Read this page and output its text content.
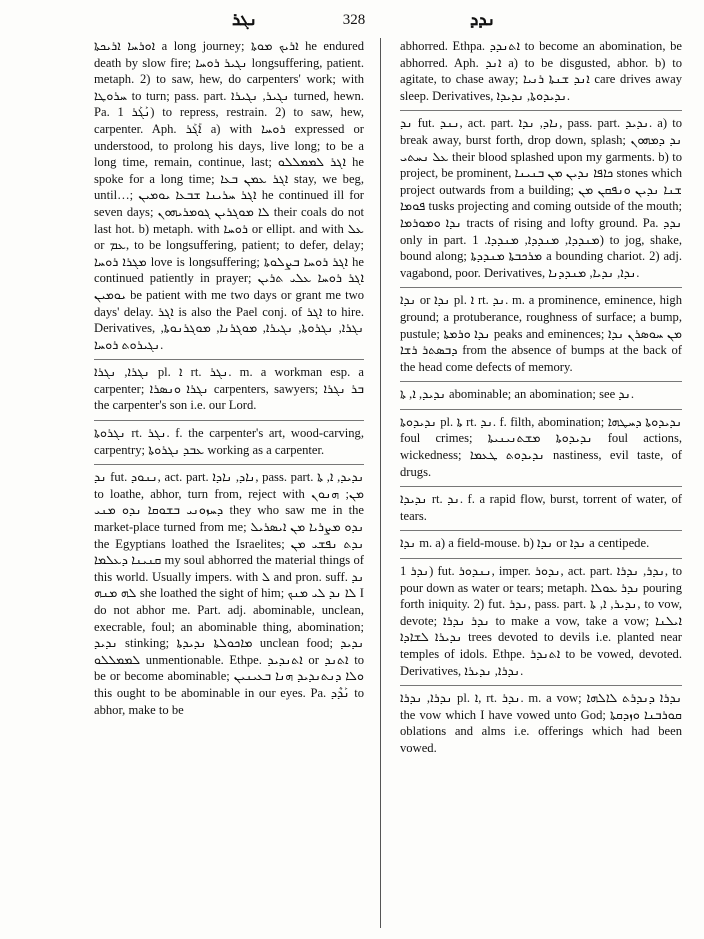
ܢܓܪ	328	ܢܕܕ

ܐܘܪܚܐ ܐܪܝܟܬܐ a long journey; ܐܪܝܟ ܡܘܬܐ he endured death by slow fire; ܢܓܝܪ ܪܘܚܐ longsuffering, patient. metaph. 2) to saw, hew, do carpenters' work; with ܚܪܘܛܐ to turn; pass. part. ܢܓܝܪ, ܢܓܝܪܐ turned, hewn. Pa. ܢܰܓܰܪ 1) to repress, restrain. 2) to saw, hew, carpenter. Aph. ܐܰܓܰܪ a) with ܪܘܚܐ expressed or understood, to prolong his days, live long; to be a long time, remain, continue, last; ܐܓܪ ܠܡܡܠܠܘ he spoke for a long time; ܐܓܪ ܥܡܢ ܒܥܐ stay, we beg, until…; ܐܓܪ ܚܪܝܢܐ ܫܒܥܐ ܝܘܡܝܢ he continued ill for seven days; ܠܐ ܡܘܓܪܝܢ ܓܘܡܪܝܗܘܢ their coals do not last hot. b) metaph. with ܪܘܚܐ or ellipt. and with ܥܠ or ܥܡ, to be longsuffering, patient; to defer, delay; ܡܓܪܐ ܪܘܚܐ love is longsuffering; ܐܓܪ ܪܘܚܐ ܒܨܠܘܬܐ he continued patiently in prayer; ܐܓܪ ܪܘܚܐ ܥܠܝ ܬܪܝܢ ܝܘܡܝܢ be patient with me two days or grant me two days' delay. ܐܓܪ is also the Pael conj. of ܐܓܪ to hire. Derivatives, ܢܓܪܐ, ܢܓܪܘܬܐ, ܢܓܝܪܐ, ܡܘܓܪܢܐ, ܡܘܓܪܢܘܬܐ, ܢܓܝܪܘܬ ܪܘܚܐ.

ܢܓܪܐ, ܢܓܪܐ pl. ܐ rt. ܢܓܪ. m. a workman esp. a carpenter; ܢܓܪܐ ܘܢܣܪܐ carpenters, sawyers; ܒܪ ܢܓܪܐ the carpenter's son i.e. our Lord.

ܢܓܪܘܬܐ rt. ܢܓܪ. f. the carpenter's art, wood-carving, carpentry; ܥܒܕ ܢܓܪܘܬܐ working as a carpenter.

ܢܕ fut. ܢܢܘܕ, act. part. ܢܐܕ, ܢܐܕܐ, pass. part. ܢܕܝܕ, ܐ, ܬܐ to loathe, abhor, turn from, reject with ܡܢ; ܗܢܘܢ ܕܚܙܘܢܝ ܒܫܘܩܐ ܢܕܘ ܡܢܝ they who saw me in the market-place turned from me; ܢܕܘ ܡܨܪܝܐ ܡܢ ܐܝܣܪܝܠ the Egyptians loathed the Israelites; ܢܕܬ ܢܦܫܝ ܡܢ ܩܢܝܢܐ ܕܥܠܡܐ my soul abhorred the material things of this world. Usually impers. with ܠ and pron. suff. ܢܕ ܠܗ ܡܢܗ she loathed the sight of him; ܠܐ ܢܕ ܠܝ ܡܢܟ I do not abhor me. Part. adj. abominable, unclean, execrable, foul; an abominable thing, abomination; ܢܕܝܕ stinking; ܡܐܟܘܠܬܐ ܢܕܝܕܬܐ unclean food; ܢܕܝܕ ܠܡܡܠܠܘ unmentionable. Ethpe. ܐܬܢܕܝܕ or ܐܬܢܕ to be or become abominable; ܘܠܐ ܕܢܬܢܕܝܕ ܗܢܐ ܒܥܝܢܝܢ this ought to be abominable in our eyes. Pa. ܢܰܕܶܕ to abhor, make to be

abhorred. Ethpa. ܐܬܢܕܕ to become an abomination, be abhorred. Aph. ܐܢܕ a) to be disgusted, abhor. b) to agitate, to chase away; ܐܢܕ ܫܢܬܐ ܪܢܝܐ care drives away sleep. Derivatives, ܢܕܝܕܘܬܐ, ܢܕܝܕܐ.

ܢܕ fut. ܢܢܕ, act. part. ܢܐܕ, ܢܕܐ, pass. part. ܢܕܝܕ. a) to break away, burst forth, drop down, splash; ܢܕ ܕܡܗܘܢ ܥܠ ܢܚܬܝ their blood splashed upon my garments. b) to project, be prominent, ܟܐܦܐ ܢܕܝܢ ܡܢ ܒܢܝܢܐ stones which project outwards from a building; ܫܢܐ ܢܕܝܢ ܘܢܦܩܢ ܡܢ ܦܘܡܐ tusks projecting and coming outside of the mouth; ܢܕܐ ܘܡܘܪܡܐ tracts of rising and lofty ground. Pa. ܢܕܕ only in part. ܡܢܕܕܐ, ܡܢܕܕܐ, ܡܢܕܕܐ. 1) to jog, shake, bound along; ܡܪܟܒܬܐ ܡܢܕܕܬܐ a bounding chariot. 2) adj. vagabond, poor. Derivatives, ܢܕܐ, ܢܕܝܐ, ܡܢܕܕܢܐ.

ܢܕܐ or ܢܕܐ pl. ܐ rt. ܢܕ. m. a prominence, eminence, high ground; a protuberance, roughness of surface; a bump, pustule; ܢܕܐ ܘܪܡܬܐ peaks and eminences; ܡܢ ܚܘܣܪܢ ܢܕܐ ܕܒܣܬܪ ܪܫܐ from the absence of bumps at the back of the head come defects of memory.

ܢܕܝܕ, ܐ, ܬܐ abominable; an abomination; see ܢܕ.

ܢܕܝܕܘܬܐ pl. ܬܐ rt. ܢܕ. f. filth, abomination; ܢܕܝܕܘܬܐ ܕܚܛܗܐ foul crimes; ܢܕܝܕܘܬܐ ܡܫܬܢܝܢܝܬܐ foul actions, wickedness; ܢܕܝܕܘܬ ܛܥܡܐ nastiness, evil taste, of drugs.

ܢܕܝܕܐ rt. ܢܕ. f. a rapid flow, burst, torrent of water, of tears.

ܢܕܐ m. a) a field-mouse. b) ܢܕܐ or ܢܕܐ a centipede.

ܢܕܪ 1) fut. ܢܢܕܘܪ, imper. ܢܕܘܪ, act. part. ܢܕܪ, ܢܕܪܐ, to pour down as water or tears; metaph. ܢܕܪ ܥܘܠܐ pouring forth iniquity. 2) fut. ܢܕܪ, pass. part. ܢܕܝܪ, ܐ, ܬܐ, to vow, devote; ܢܕܪ ܢܕܪܐ to make a vow, take a vow; ܐܝܠܢܐ ܢܕܝܪܐ ܠܫܐܕܐ trees devoted to devils i.e. planted near temples of idols. Ethpe. ܐܬܢܕܪ to be vowed, devoted. Derivatives, ܢܕܪܐ, ܢܕܝܪܐ.

ܢܕܪܐ, ܢܕܪܐ pl. ܐ, rt. ܢܕܪ. m. a vow; ܢܕܪܐ ܕܢܕܪܬ ܠܐܠܗܐ the vow which I have vowed unto God; ܩܘܪܒܢܐ ܘܙܕܩܬܐ oblations and alms i.e. offerings which had been vowed.
